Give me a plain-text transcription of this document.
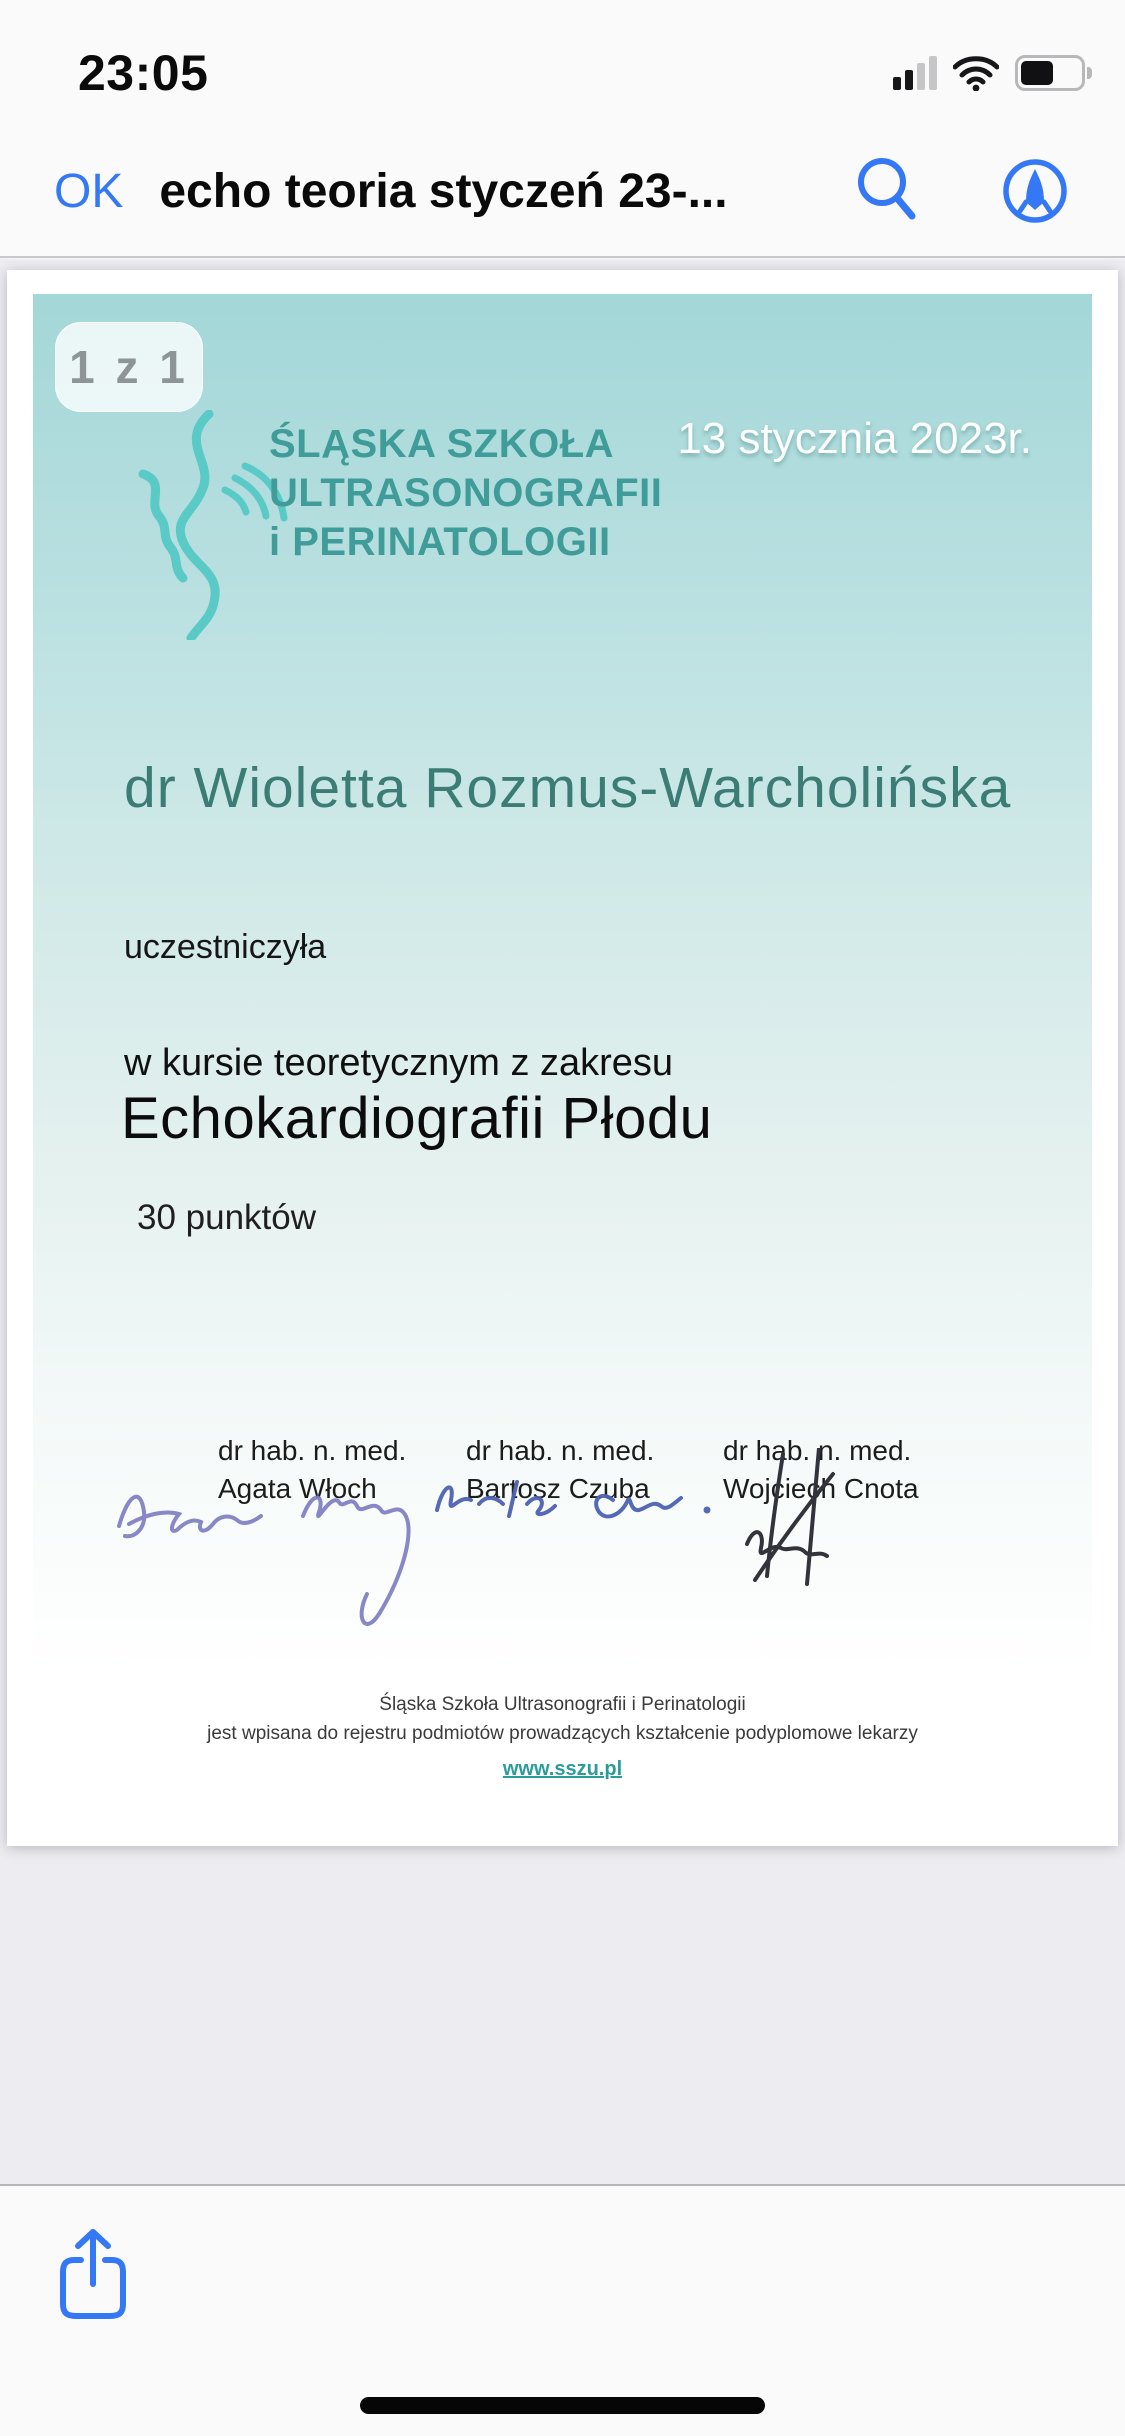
23:05
OK echo teoria styczeń 23-...
1 z 1
ŚLĄSKA SZKOŁA
ULTRASONOGRAFII
i PERINATOLOGII
13 stycznia 2023r.
dr Wioletta Rozmus-Warcholińska
uczestniczyła
w kursie teoretycznym z zakresu
Echokardiografii Płodu
30 punktów
dr hab. n. med.
Agata Włoch
dr hab. n. med.
Bartosz Czuba
dr hab. n. med.
Wojciech Cnota
Śląska Szkoła Ultrasonografii i Perinatologii
jest wpisana do rejestru podmiotów prowadzących kształcenie podyplomowe lekarzy
www.sszu.pl
